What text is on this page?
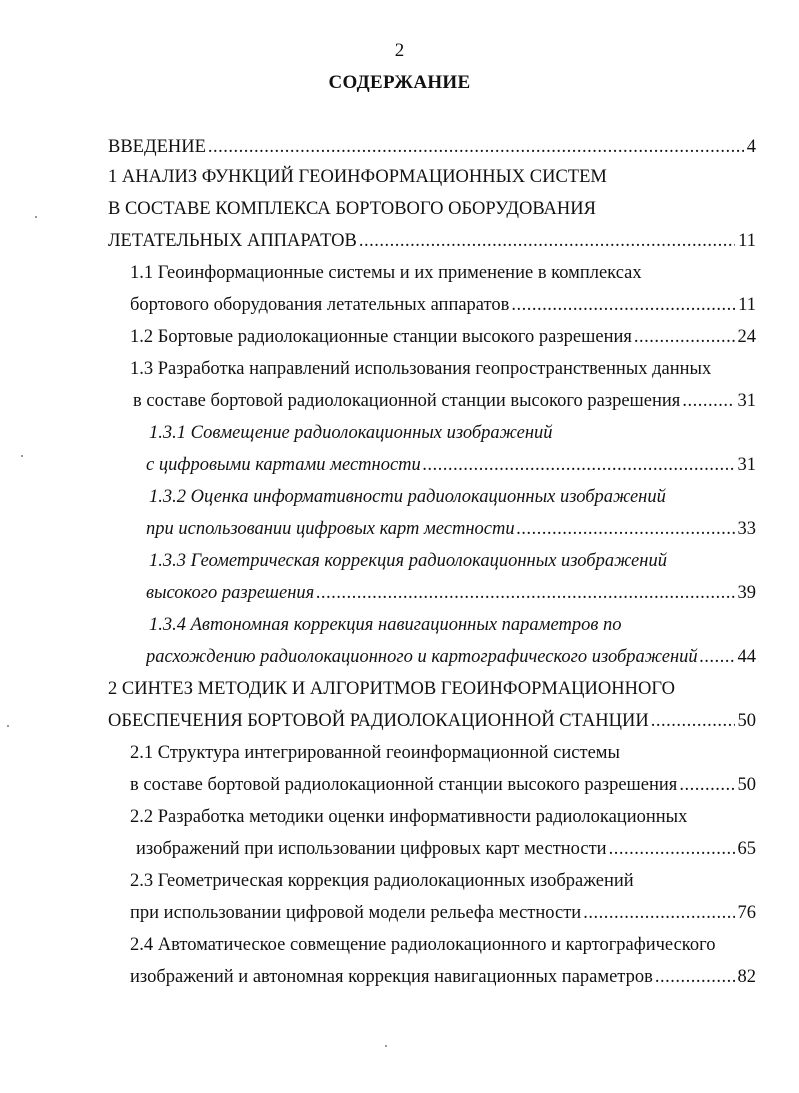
2
СОДЕРЖАНИЕ
ВВЕДЕНИЕ .....	4
1 АНАЛИЗ ФУНКЦИЙ ГЕОИНФОРМАЦИОННЫХ СИСТЕМ
В СОСТАВЕ КОМПЛЕКСА БОРТОВОГО ОБОРУДОВАНИЯ
ЛЕТАТЕЛЬНЫХ АППАРАТОВ .....	11
1.1 Геоинформационные системы и их применение в комплексах
бортового оборудования летательных аппаратов .....	11
1.2 Бортовые радиолокационные станции высокого разрешения .....	24
1.3 Разработка направлений использования геопространственных данных
в составе бортовой радиолокационной станции высокого разрешения .....	31
1.3.1 Совмещение радиолокационных изображений
с цифровыми картами местности .....	31
1.3.2 Оценка информативности радиолокационных изображений
при использовании цифровых карт местности .....	33
1.3.3 Геометрическая коррекция радиолокационных изображений
высокого разрешения .....	39
1.3.4 Автономная коррекция навигационных параметров по
расхождению радиолокационного и картографического изображений ..... 44
2 СИНТЕЗ МЕТОДИК И АЛГОРИТМОВ ГЕОИНФОРМАЦИОННОГО
ОБЕСПЕЧЕНИЯ БОРТОВОЙ РАДИОЛОКАЦИОННОЙ СТАНЦИИ .....	50
2.1 Структура интегрированной геоинформационной системы
в составе бортовой радиолокационной станции высокого разрешения .....	50
2.2 Разработка методики оценки информативности радиолокационных
изображений при использовании цифровых карт местности .....	65
2.3 Геометрическая коррекция радиолокационных изображений
при использовании цифровой модели рельефа местности .....	76
2.4 Автоматическое совмещение радиолокационного и картографического
изображений и автономная коррекция навигационных параметров .....	82
